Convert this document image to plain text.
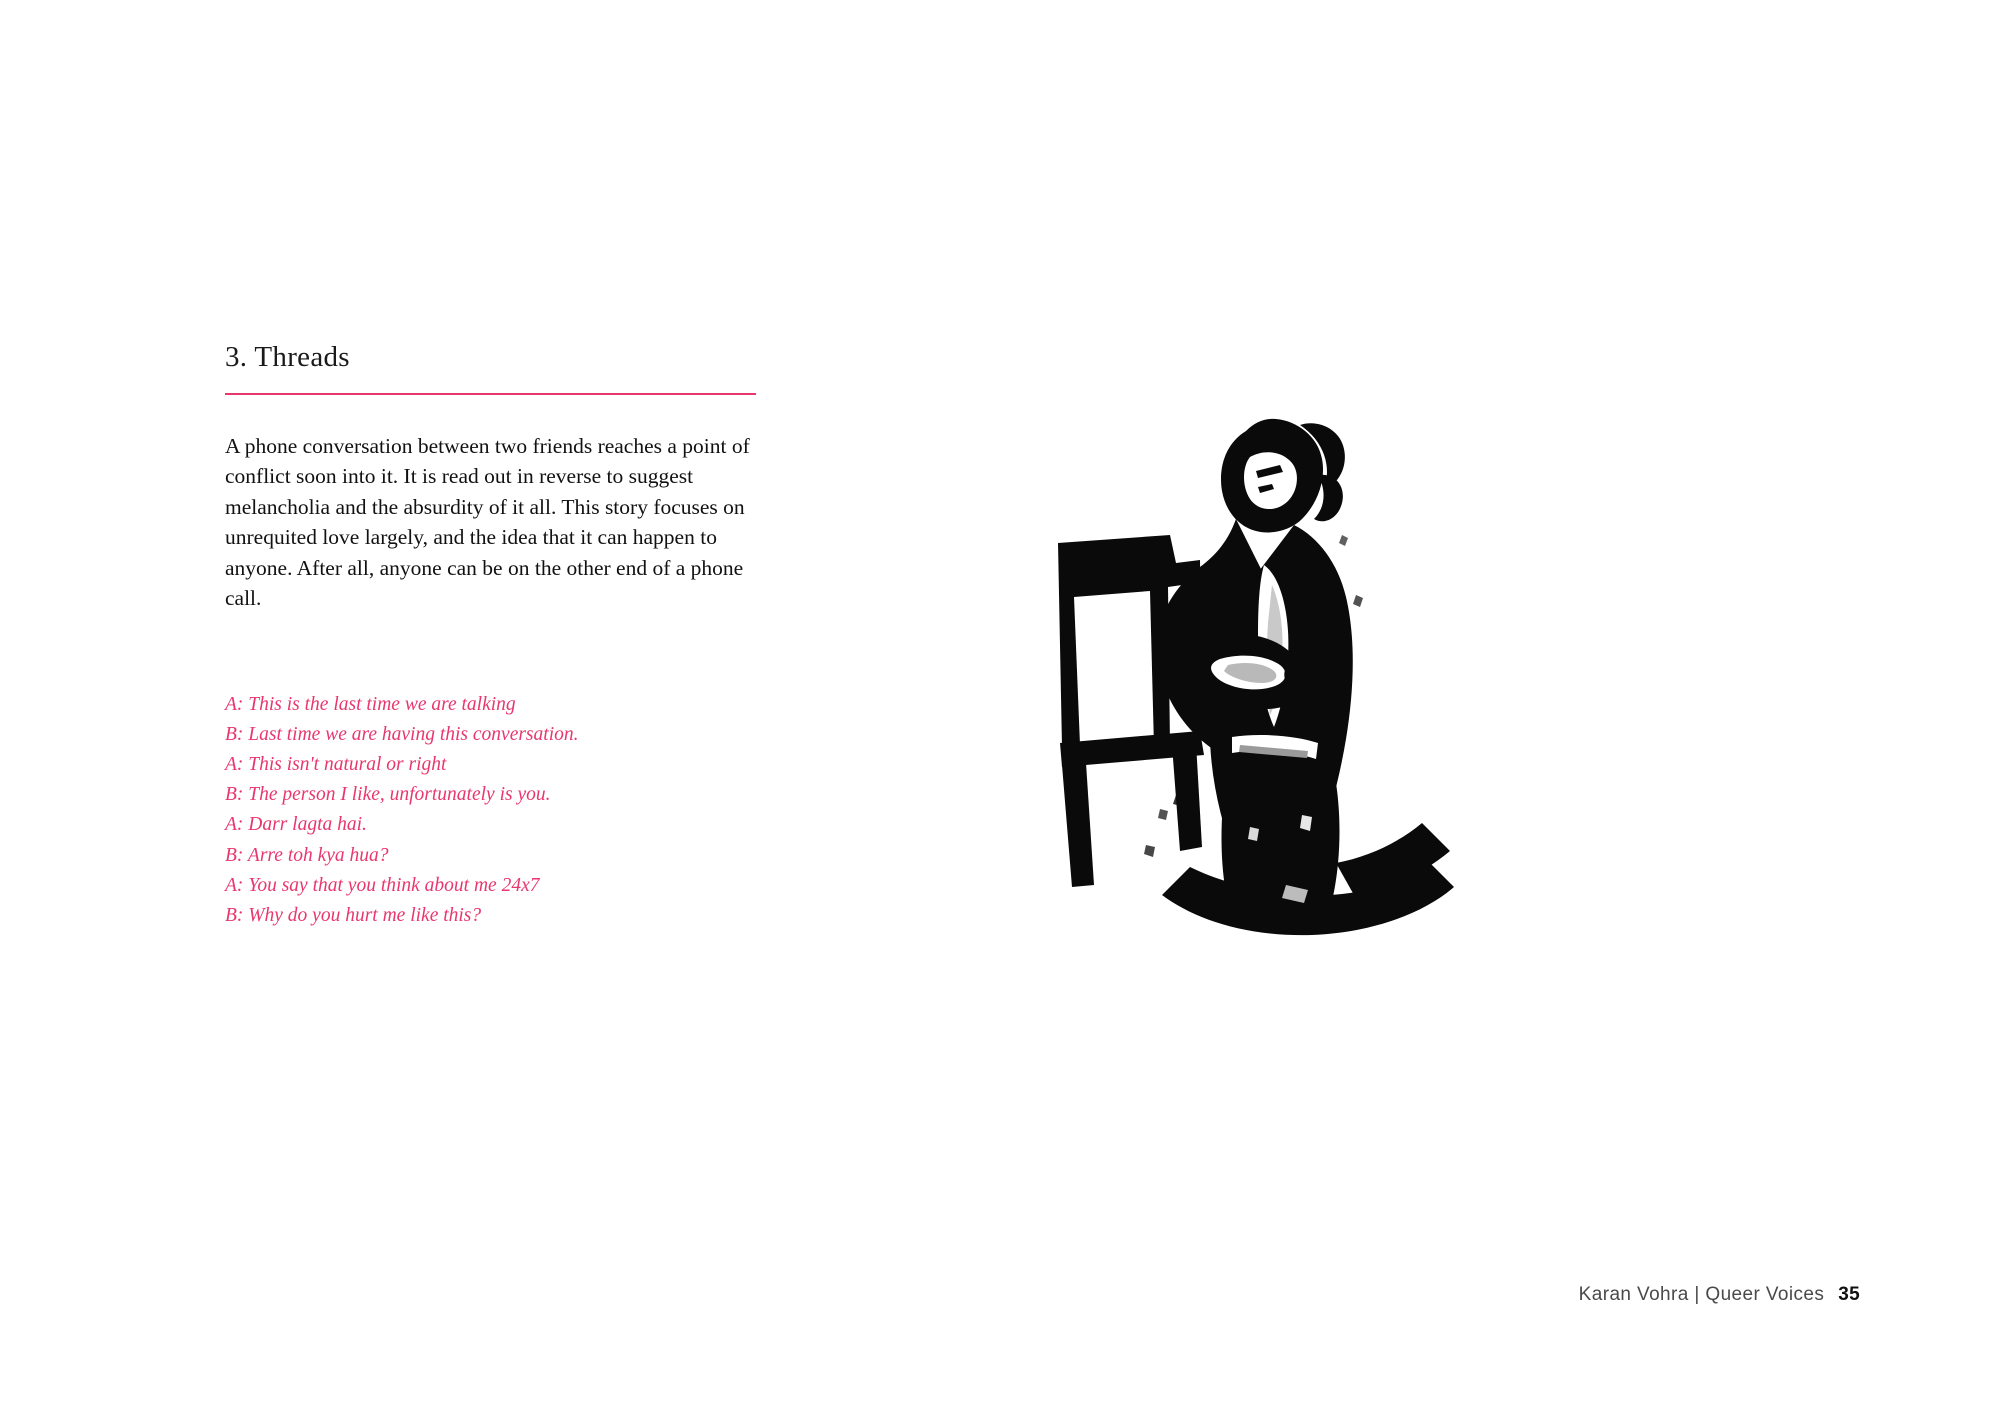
3. Threads

A phone conversation between two friends reaches a point of conflict soon into it. It is read out in reverse to suggest melancholia and the absurdity of it all. This story focuses on unrequited love largely, and the idea that it can happen to anyone. After all, anyone can be on the other end of a phone call.

A: This is the last time we are talking
B: Last time we are having this conversation.
A: This isn't natural or right
B: The person I like, unfortunately is you.
A: Darr lagta hai.
B: Arre toh kya hua?
A: You say that you think about me 24x7
B: Why do you hurt me like this?
Karan Vohra | Queer Voices 35
